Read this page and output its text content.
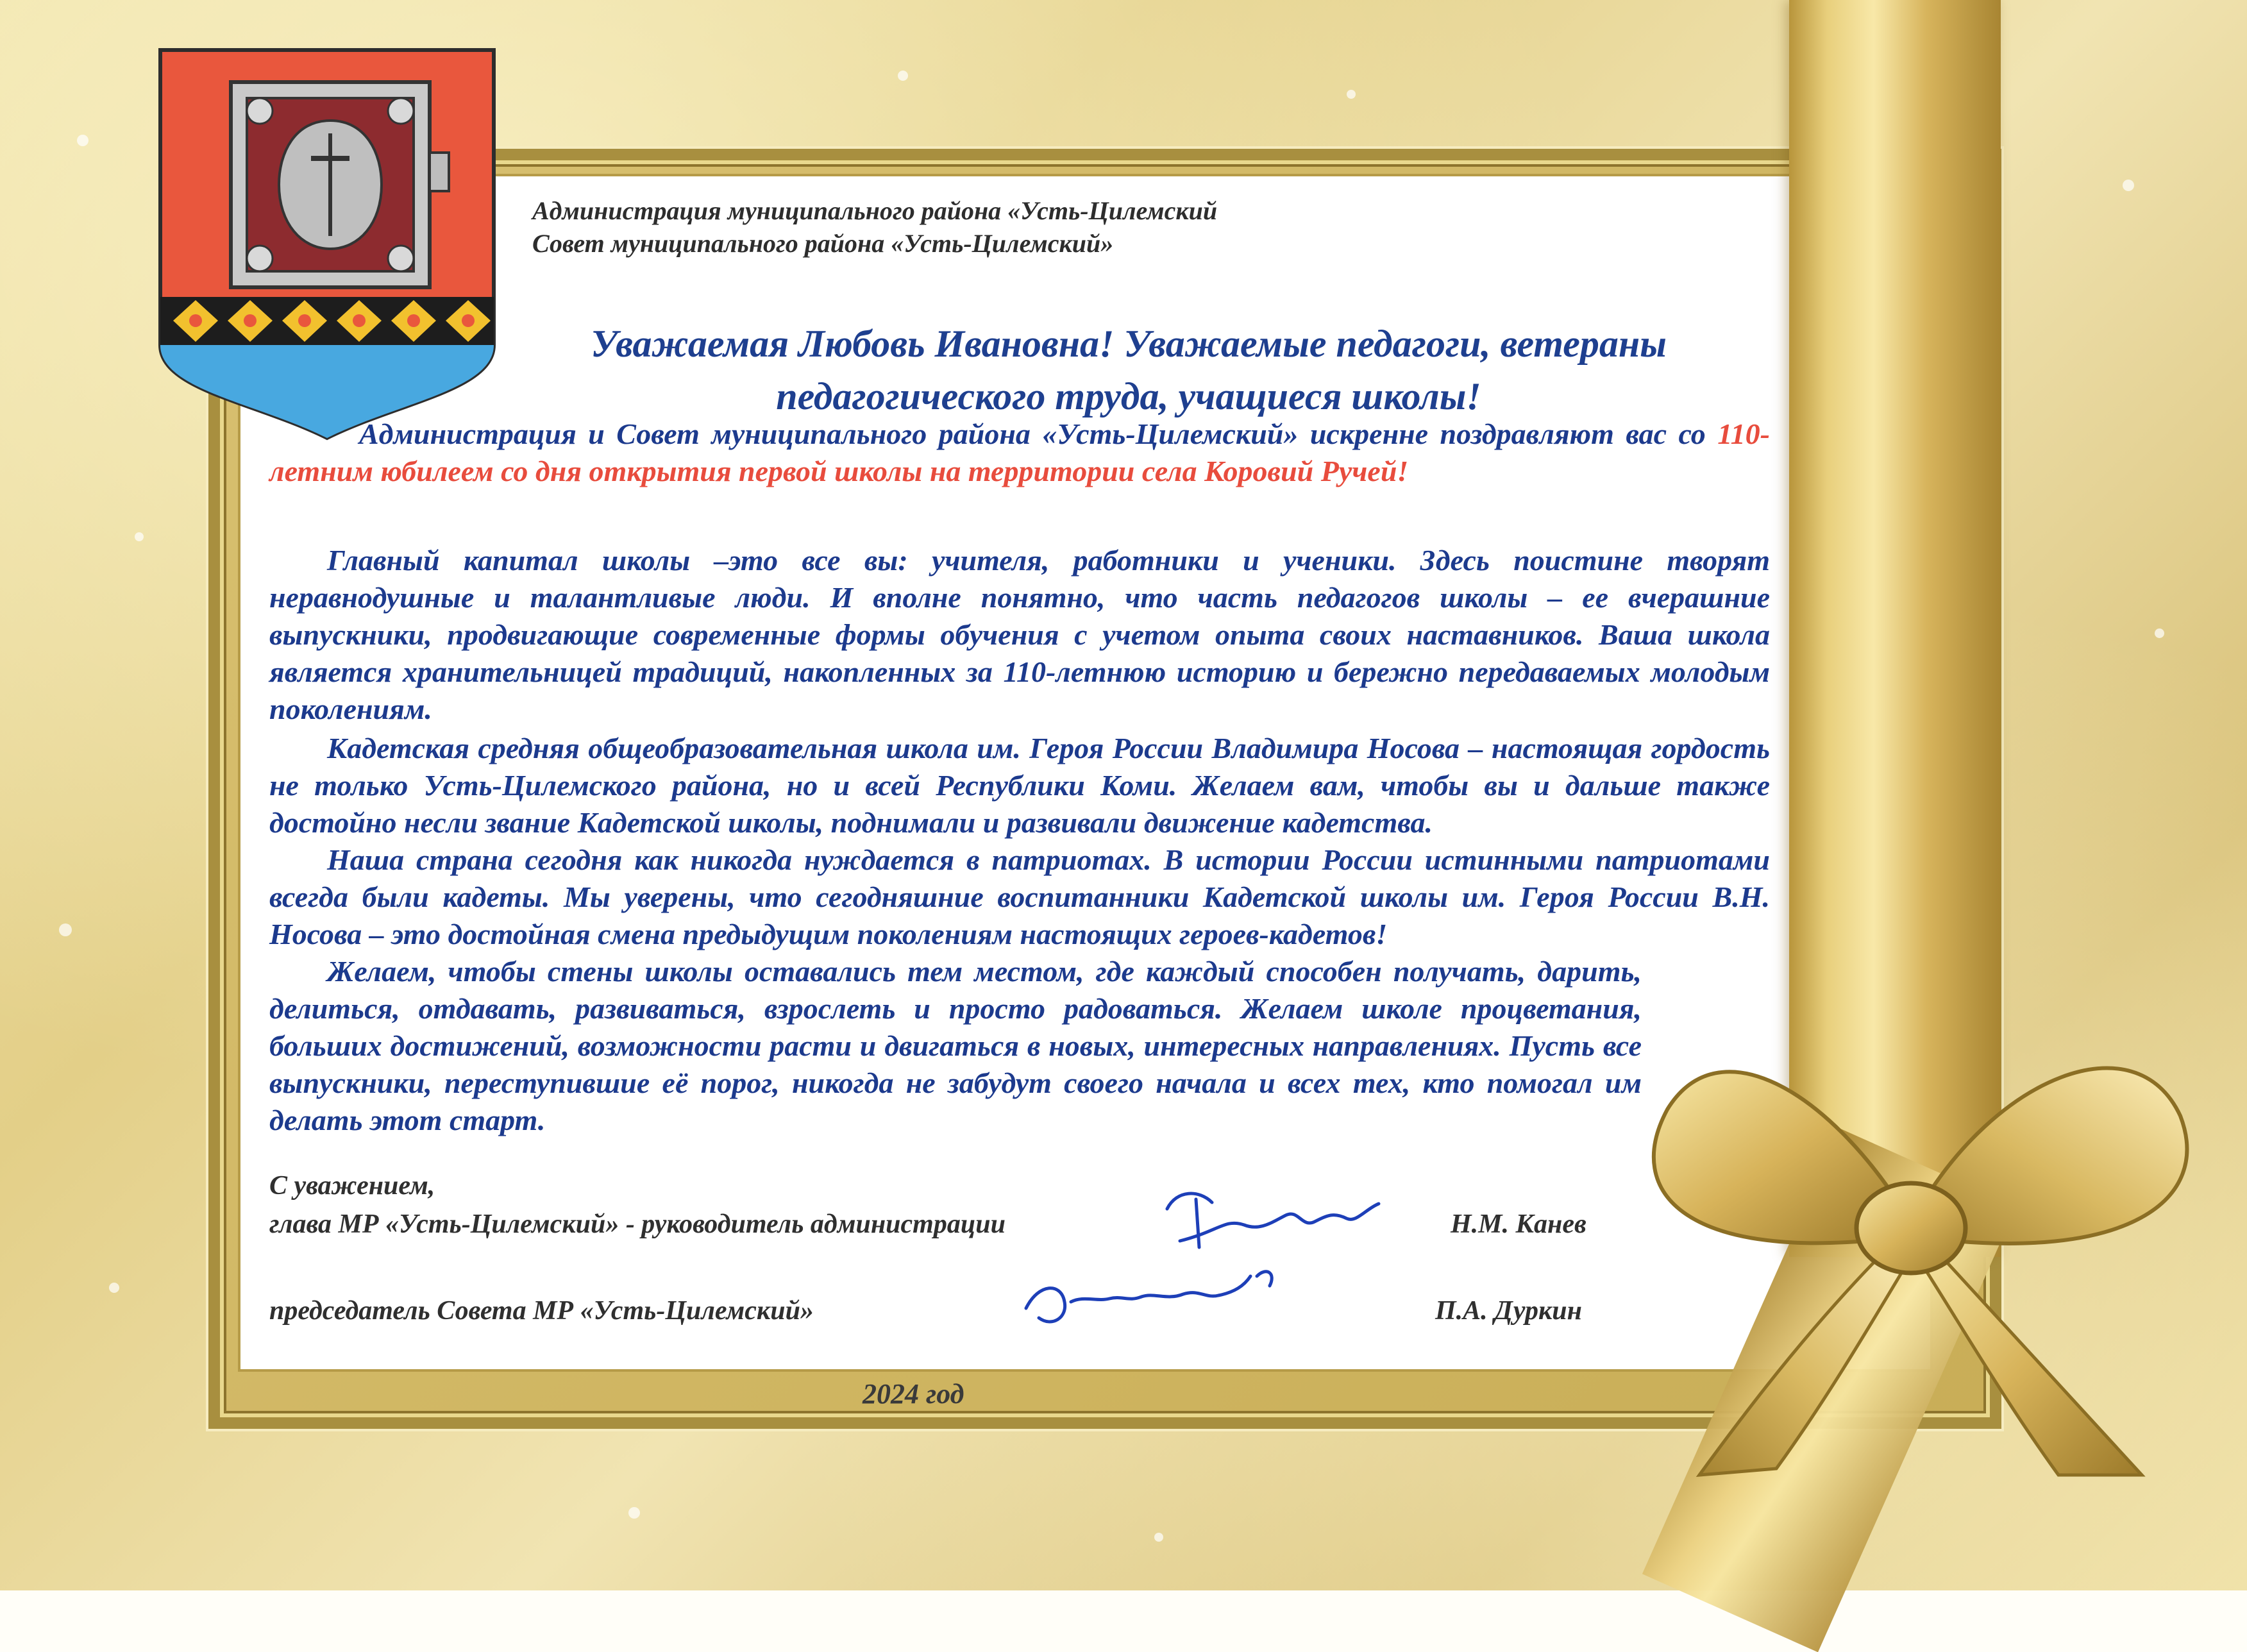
Администрация муниципального района «Усть-Цилемский
Совет муниципального района «Усть-Цилемский»
Уважаемая Любовь Ивановна! Уважаемые педагоги, ветераны
педагогического труда, учащиеся школы!
Администрация и Совет муниципального района «Усть-Цилемский» искренне поздравляют вас со 110-летним юбилеем со дня открытия первой школы на территории села Коровий Ручей!
Главный капитал школы –это все вы: учителя, работники и ученики. Здесь поистине творят неравнодушные и талантливые люди. И вполне понятно, что часть педагогов школы – ее вчерашние выпускники, продвигающие современные формы обучения с учетом опыта своих наставников. Ваша школа является хранительницей традиций, накопленных за 110-летнюю историю и бережно передаваемых молодым поколениям.
Кадетская средняя общеобразовательная школа им. Героя России Владимира Носова – настоящая гордость не только Усть-Цилемского района, но и всей Республики Коми. Желаем вам, чтобы вы и дальше также достойно несли звание Кадетской школы, поднимали и развивали движение кадетства.
Наша страна сегодня как никогда нуждается в патриотах. В истории России истинными патриотами всегда были кадеты. Мы уверены, что сегодняшние воспитанники Кадетской школы им. Героя России В.Н. Носова – это достойная смена предыдущим поколениям настоящих героев-кадетов!
Желаем, чтобы стены школы оставались тем местом, где каждый способен получать, дарить, делиться, отдавать, развиваться, взрослеть и просто радоваться. Желаем школе процветания, больших достижений, возможности расти и двигаться в новых, интересных направлениях. Пусть все выпускники, переступившие её порог, никогда не забудут своего начала и всех тех, кто помогал им делать этот старт.
С уважением,
глава МР «Усть-Цилемский» - руководитель администрации	Н.М. Канев
председатель Совета МР «Усть-Цилемский»	П.А. Дуркин
2024 год
